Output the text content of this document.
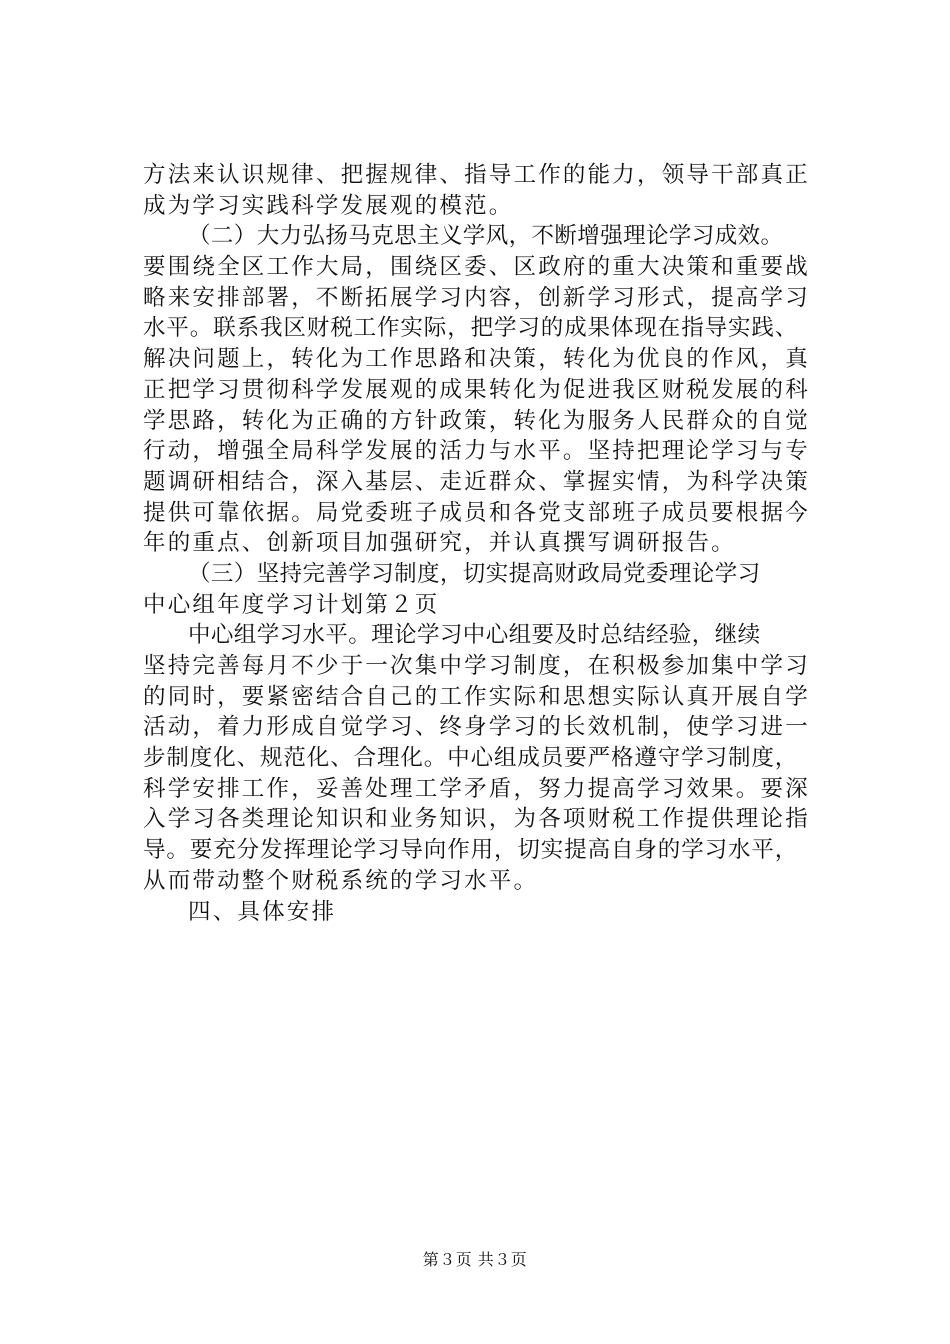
方法来认识规律、把握规律、指导工作的能力，领导干部真正
成为学习实践科学发展观的模范。
（二）大力弘扬马克思主义学风，不断增强理论学习成效。
要围绕全区工作大局，围绕区委、区政府的重大决策和重要战
略来安排部署，不断拓展学习内容，创新学习形式，提高学习
水平。联系我区财税工作实际，把学习的成果体现在指导实践、
解决问题上，转化为工作思路和决策，转化为优良的作风，真
正把学习贯彻科学发展观的成果转化为促进我区财税发展的科
学思路，转化为正确的方针政策，转化为服务人民群众的自觉
行动，增强全局科学发展的活力与水平。坚持把理论学习与专
题调研相结合，深入基层、走近群众、掌握实情，为科学决策
提供可靠依据。局党委班子成员和各党支部班子成员要根据今
年的重点、创新项目加强研究，并认真撰写调研报告。
（三）坚持完善学习制度，切实提高财政局党委理论学习
中心组年度学习计划第２页
中心组学习水平。理论学习中心组要及时总结经验，继续
坚持完善每月不少于一次集中学习制度，在积极参加集中学习
的同时，要紧密结合自己的工作实际和思想实际认真开展自学
活动，着力形成自觉学习、终身学习的长效机制，使学习进一
步制度化、规范化、合理化。中心组成员要严格遵守学习制度，
科学安排工作，妥善处理工学矛盾，努力提高学习效果。要深
入学习各类理论知识和业务知识，为各项财税工作提供理论指
导。要充分发挥理论学习导向作用，切实提高自身的学习水平，
从而带动整个财税系统的学习水平。
四、具体安排
第３页 共３页
